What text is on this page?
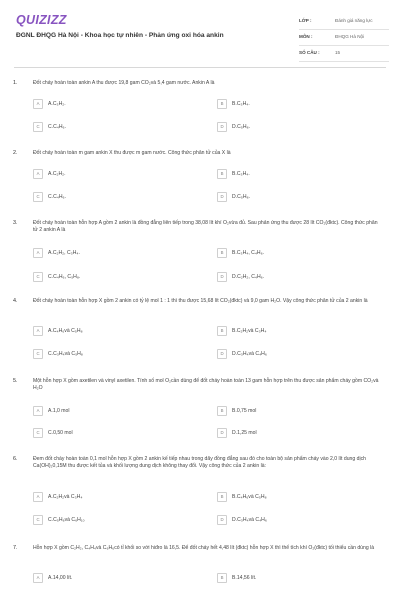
QUIZIZZ
ĐGNL ĐHQG Hà Nội - Khoa học tự nhiên - Phản ứng oxi hóa ankin
LỚP :	Đánh giá năng lực
MÔN :	ĐHQG Hà Nội
SỐ CÂU :	15
1.	Đốt cháy hoàn toàn ankin A thu được 19,8 gam CO₂và 5,4 gam nước. Ankin A là
A	A.C₃H₂.	B	B.C₃H₄.
C	C.C₄H₆.	D	D.C₅H₈.
2.	Đốt cháy hoàn toàn m gam ankin X thu được m gam nước. Công thức phân tử của X là
A	A.C₂H₂.	B	B.C₃H₄.
C	C.C₄H₆.	D	D.C₅H₈.
3.	Đốt cháy hoàn toàn hỗn hợp A gồm 2 ankin là đồng đẳng liên tiếp trong 38,08 lít khí O₂vừa đủ. Sau phản ứng thu được 28 lít CO₂(đktc). Công thức phân tử 2 ankin A là
A	A.C₂H₂, C₃H₄.	B	B.C₃H₄, C₄H₆.
C	C.C₄H₆, C₅H₈.	D	D.C₂H₂, C₄H₆.
4.	Đốt cháy hoàn toàn hỗn hợp X gồm 2 ankin có tỷ lệ mol 1 : 1 thì thu được 15,68 lít CO₂(đktc) và 9,0 gam H₂O. Vậy công thức phân tử của 2 ankin là
A	A.C₄H₆và C₅H₈	B	B.C₂H₂và C₃H₄
C	C.C₃H₄và C₅H₈	D	D.C₃H₄và C₄H₆
5.	Một hỗn hợp X gồm axetilen và vinyl axetilen. Tính số mol O₂cần dùng để đốt cháy hoàn toàn 13 gam hỗn hợp trên thu được sản phẩm cháy gồm CO₂và H₂O
A	A.1,0 mol	B	B.0,75 mol
C	C.0,50 mol	D	D.1,25 mol
6.	Đem đốt cháy hoàn toàn 0,1 mol hỗn hợp X gồm 2 ankin kế tiếp nhau trong dãy đồng đẳng sau đó cho toàn bộ sản phẩm cháy vào 2,0 lít dung dịch Ca(OH)₂0,15M thu được kết tủa và khối lượng dung dịch không thay đổi. Vậy công thức của 2 ankin là:
A	A.C₂H₂và C₃H₄	B	B.C₄H₆và C₅H₈
C	C.C₅H₈và C₆H₁₀	D	D.C₃H₄và C₄H₆
7.	Hỗn hợp X gồm C₂H₂, C₄H₄và C₆H₆có tỉ khối so với hiđro là 16,5. Để đốt cháy hết 4,48 lít (đktc) hỗn hợp X thì thể tích khí O₂(đktc) tối thiểu cần dùng là
A	A.14,00 lít.	B	B.14,56 lít.
